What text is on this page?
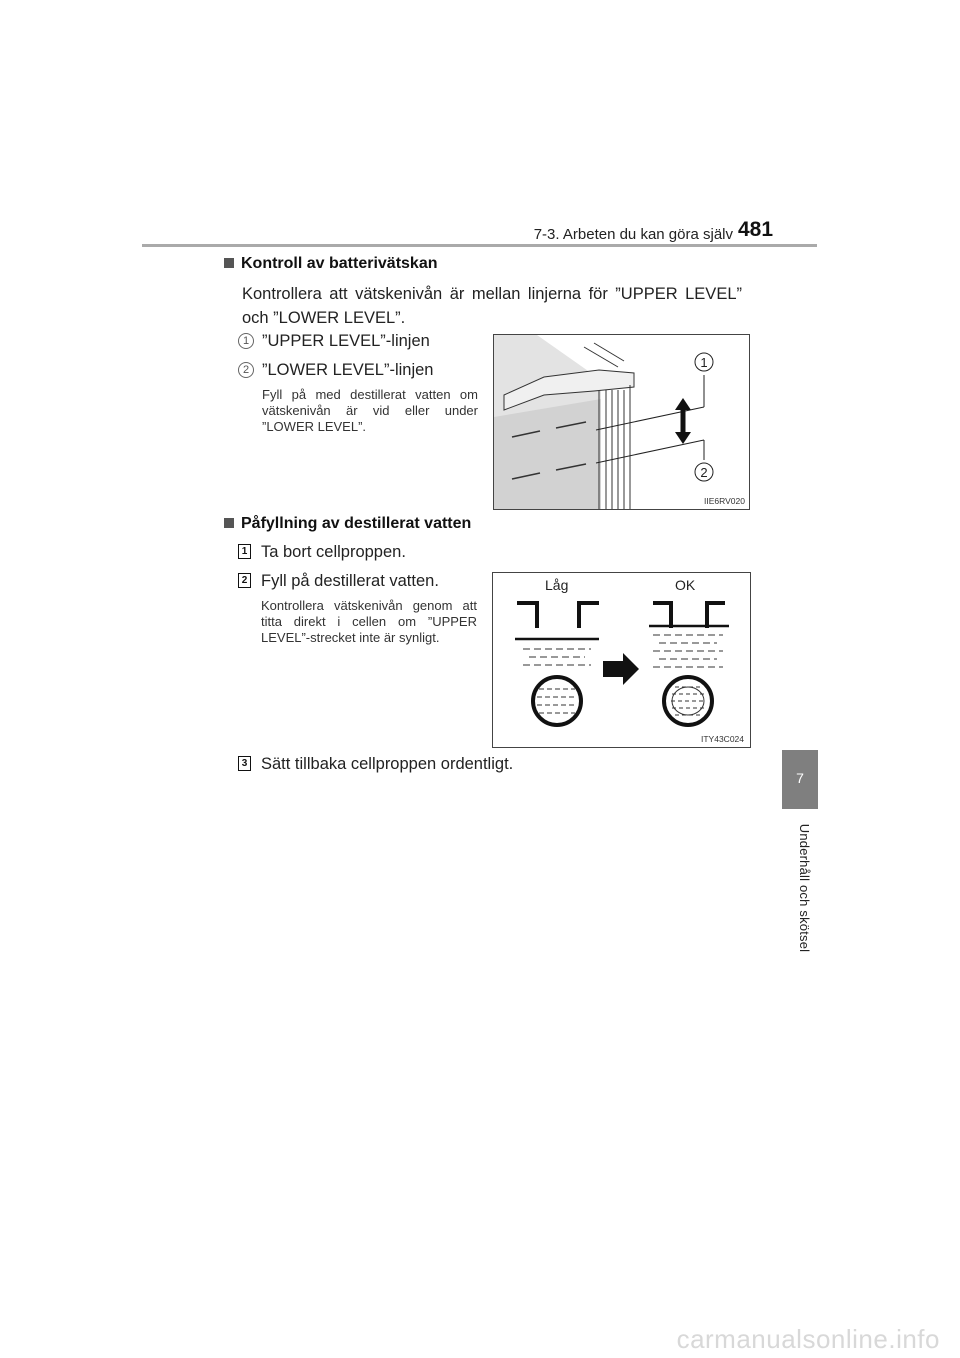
7-3. Arbeten du kan göra själv 481
7
Underhåll och skötsel
Kontroll av batterivätskan
Kontrollera att vätskenivån är mellan linjerna för ”UPPER LEVEL” och ”LOWER LEVEL”.
1 ”UPPER LEVEL”-linjen
2 ”LOWER LEVEL”-linjen
Fyll på med destillerat vatten om vätskenivån är vid eller under ”LOWER LEVEL”.
1
2
IIE6RV020
Påfyllning av destillerat vatten
1 Ta bort cellproppen.
2 Fyll på destillerat vatten.
Kontrollera vätskenivån genom att titta direkt i cellen om ”UPPER LEVEL”-strecket inte är synligt.
3 Sätt tillbaka cellproppen ordentligt.
Låg	OK
ITY43C024
carmanualsonline.info
